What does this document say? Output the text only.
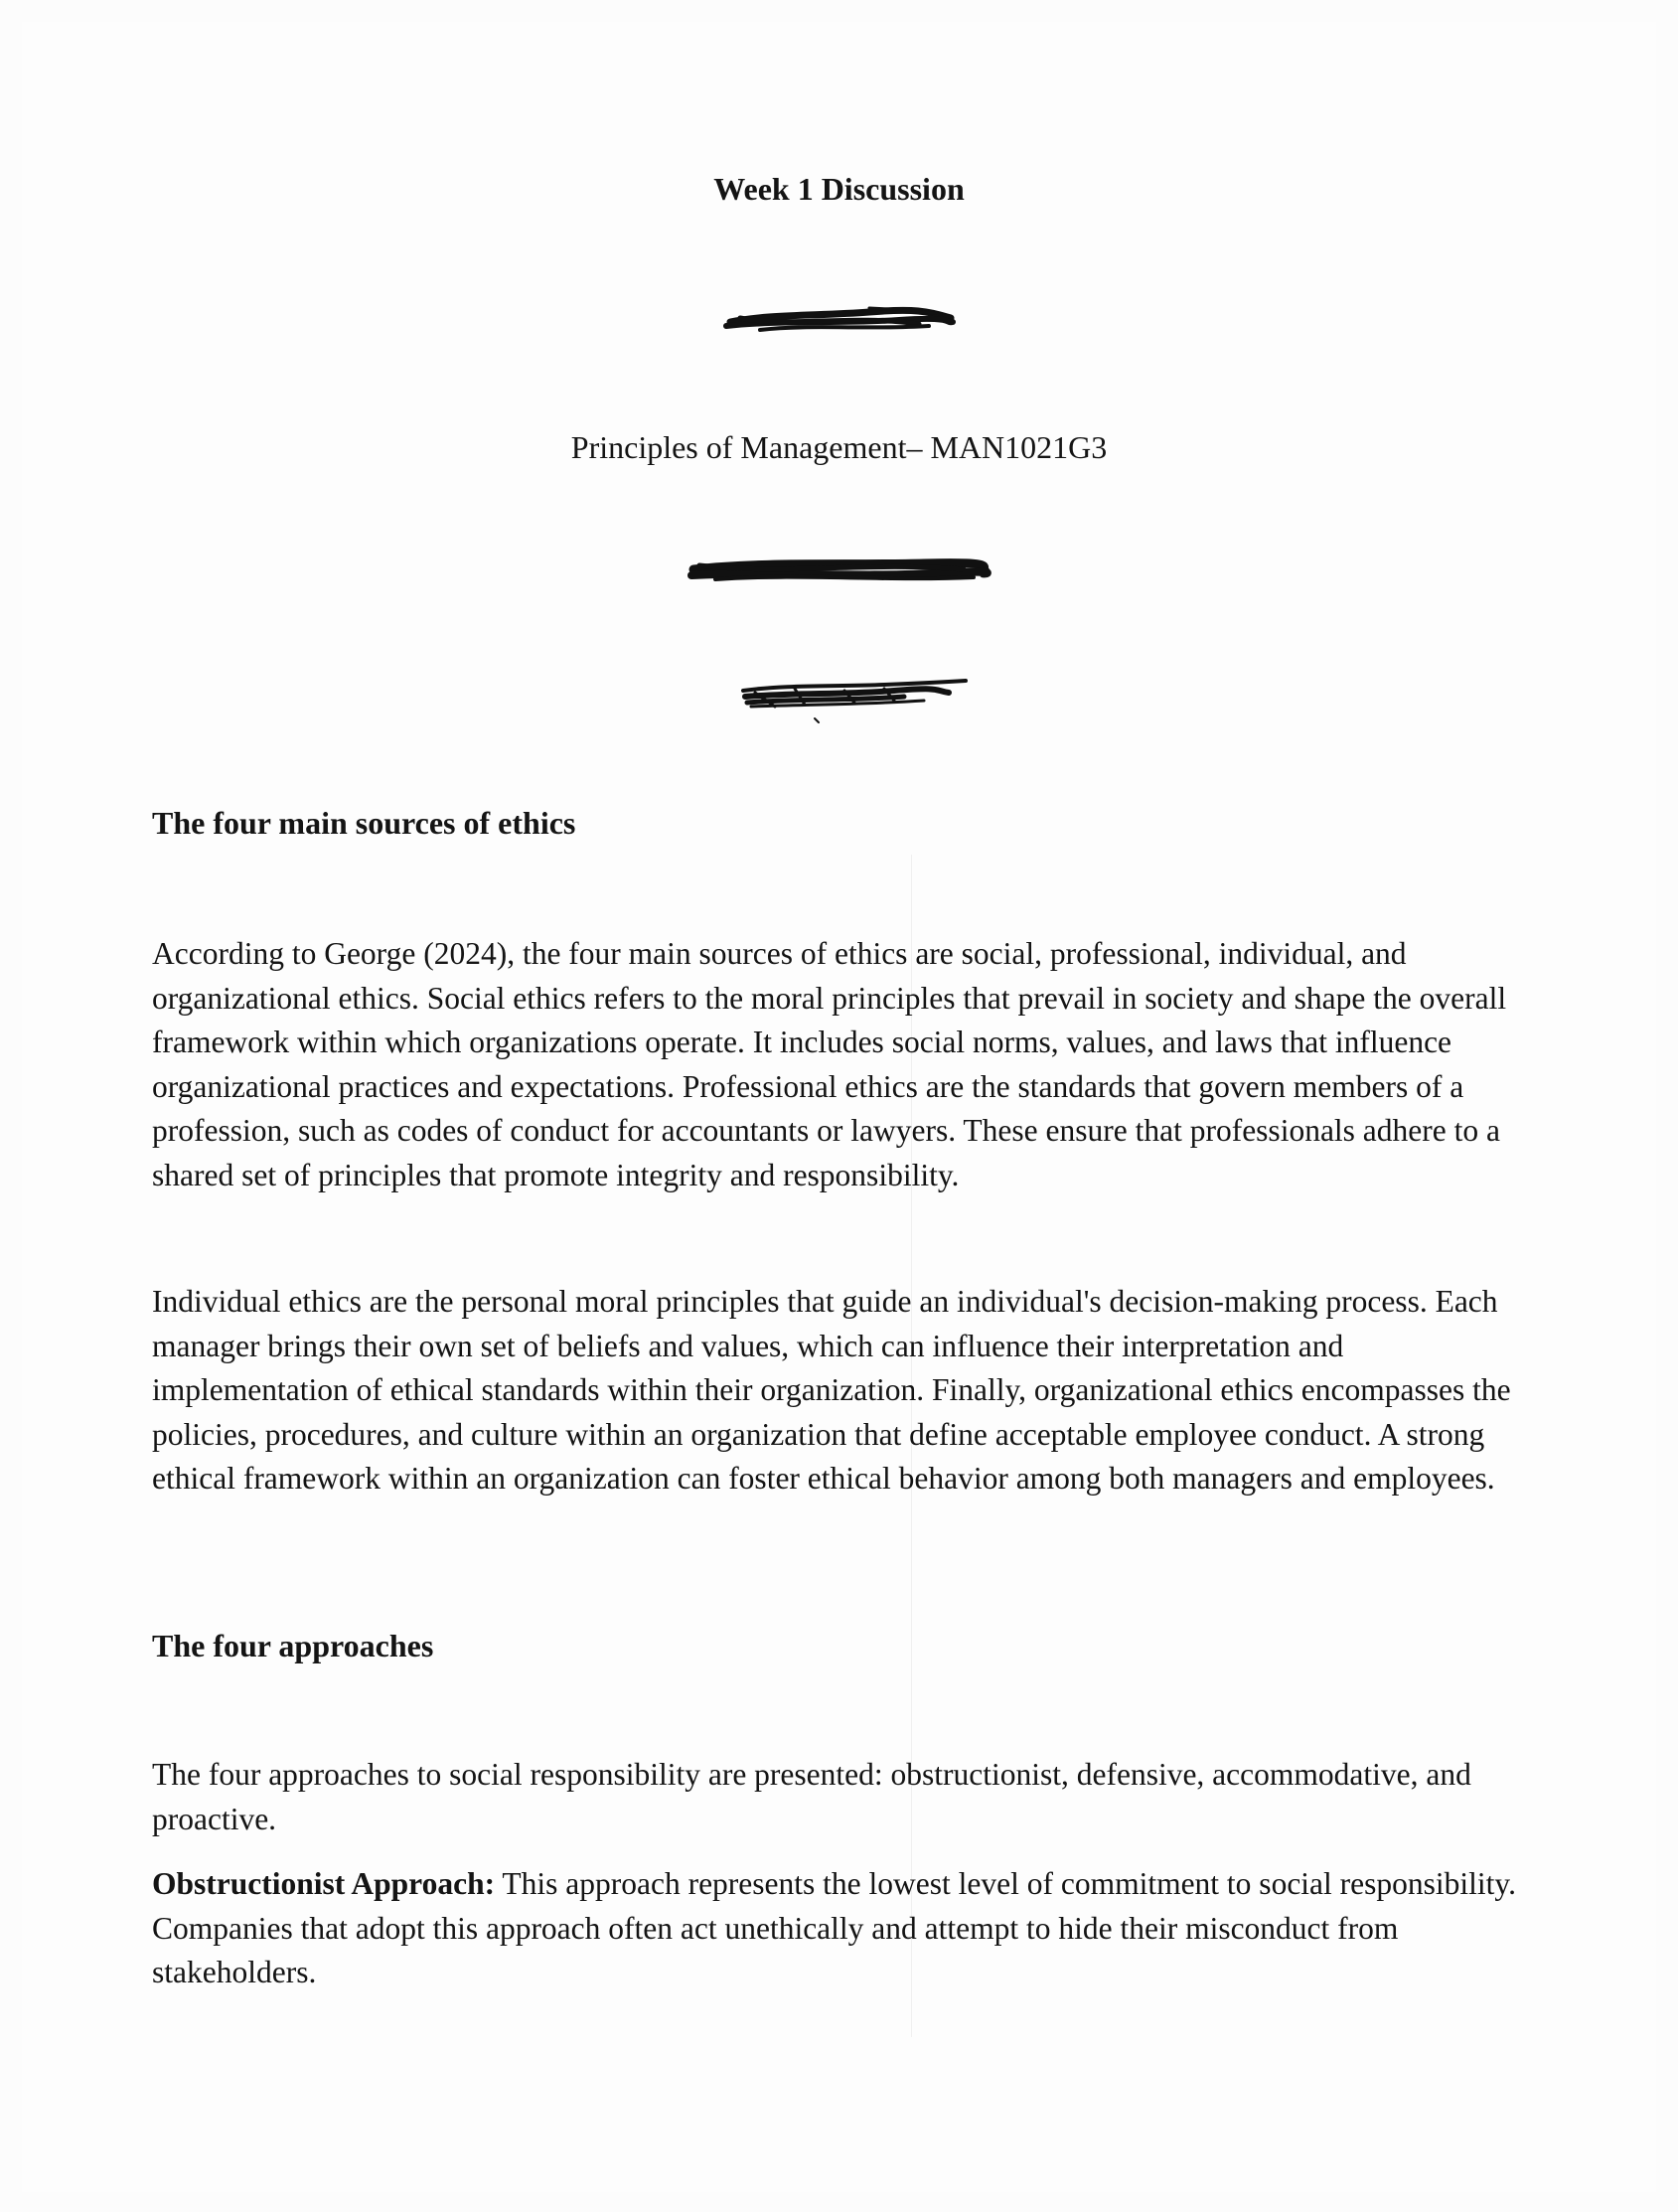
Week 1 Discussion
Principles of Management– MAN1021G3
The four main sources of ethics

According to George (2024), the four main sources of ethics are social, professional, individual, and organizational ethics. Social ethics refers to the moral principles that prevail in society and shape the overall framework within which organizations operate. It includes social norms, values, and laws that influence organizational practices and expectations. Professional ethics are the standards that govern members of a profession, such as codes of conduct for accountants or lawyers. These ensure that professionals adhere to a shared set of principles that promote integrity and responsibility.

Individual ethics are the personal moral principles that guide an individual's decision-making process. Each manager brings their own set of beliefs and values, which can influence their interpretation and implementation of ethical standards within their organization. Finally, organizational ethics encompasses the policies, procedures, and culture within an organization that define acceptable employee conduct. A strong ethical framework within an organization can foster ethical behavior among both managers and employees.

The four approaches

The four approaches to social responsibility are presented: obstructionist, defensive, accommodative, and proactive.

Obstructionist Approach: This approach represents the lowest level of commitment to social responsibility. Companies that adopt this approach often act unethically and attempt to hide their misconduct from stakeholders.
